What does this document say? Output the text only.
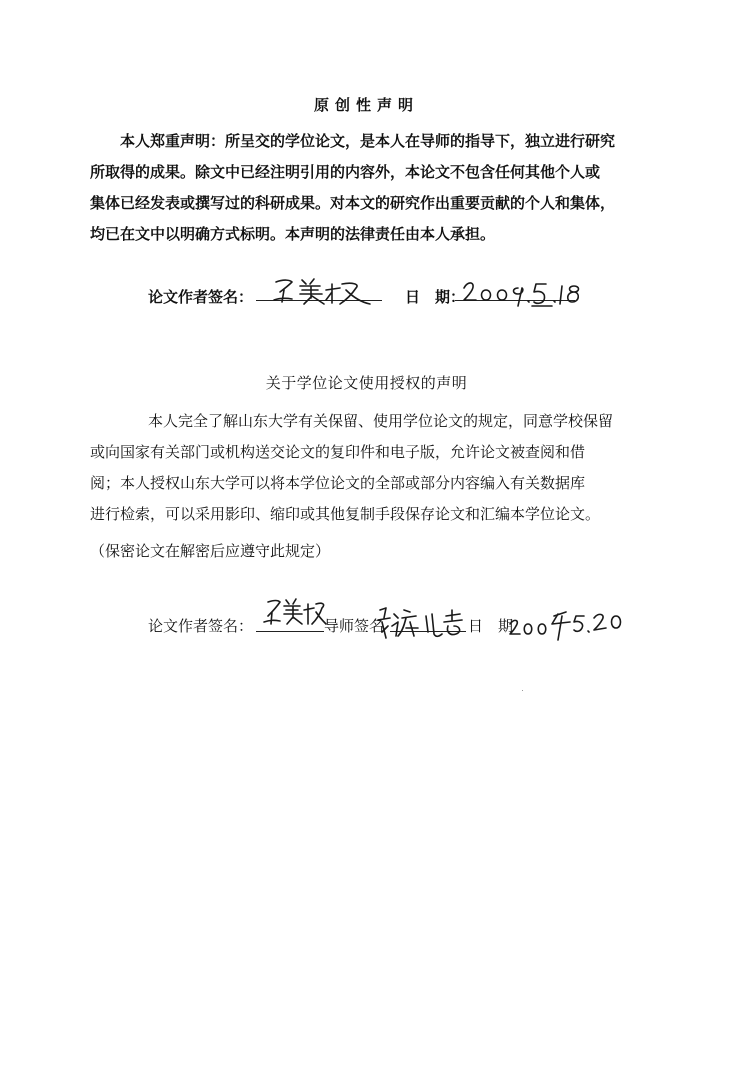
原创性声明
本人郑重声明：所呈交的学位论文，是本人在导师的指导下，独立进行研究
所取得的成果。除文中已经注明引用的内容外，本论文不包含任何其他个人或
集体已经发表或撰写过的科研成果。对本文的研究作出重要贡献的个人和集体，
均已在文中以明确方式标明。本声明的法律责任由本人承担。
论文作者签名：	日　期：
关于学位论文使用授权的声明
本人完全了解山东大学有关保留、使用学位论文的规定，同意学校保留
或向国家有关部门或机构送交论文的复印件和电子版，允许论文被查阅和借
阅；本人授权山东大学可以将本学位论文的全部或部分内容编入有关数据库
进行检索，可以采用影印、缩印或其他复制手段保存论文和汇编本学位论文。
（保密论文在解密后应遵守此规定）
论文作者签名：	导师签名	日　期
